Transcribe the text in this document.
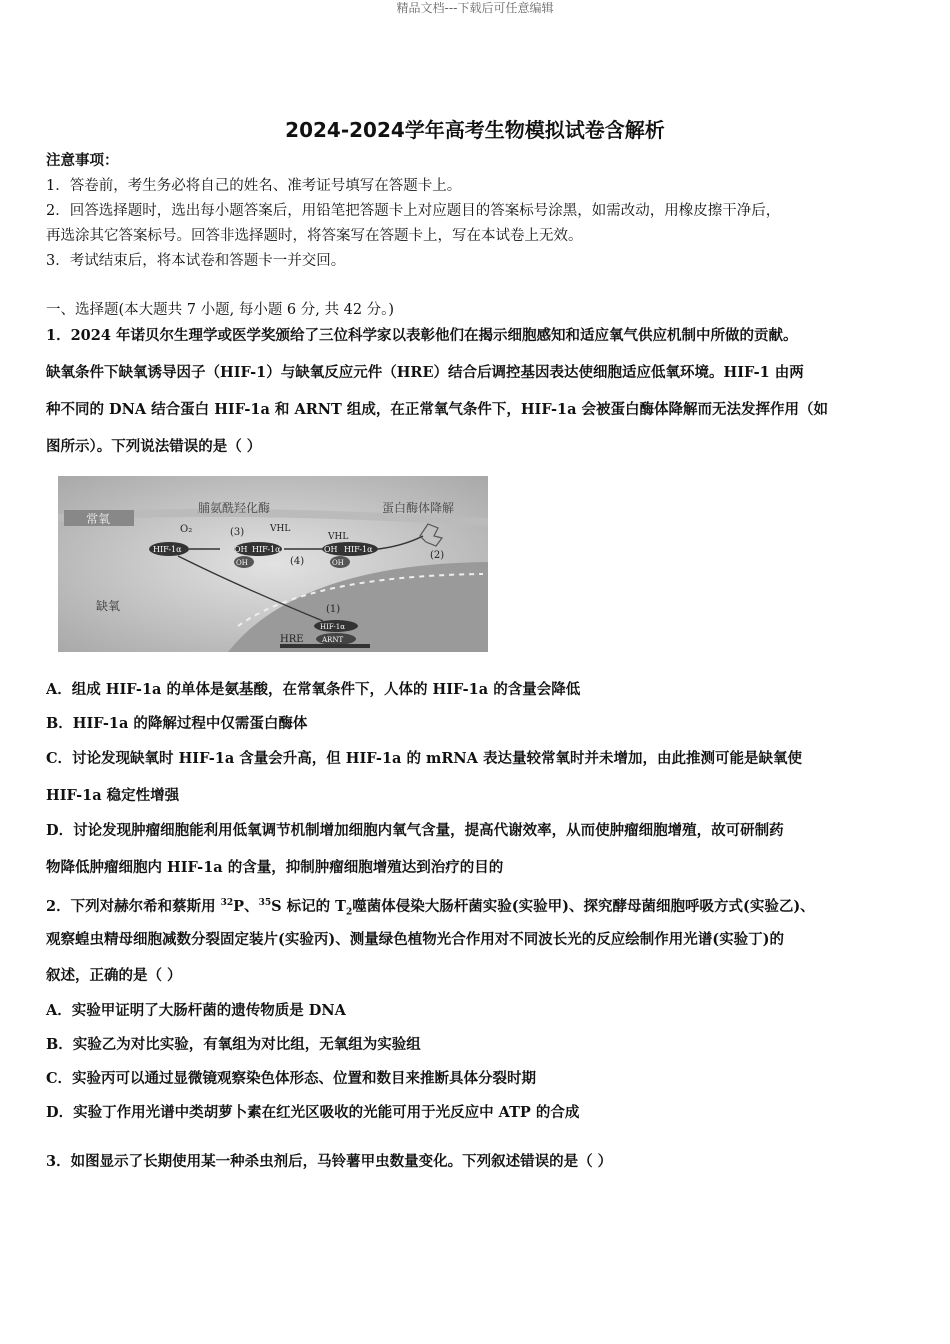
精品文档---下载后可任意编辑
2024-2024学年高考生物模拟试卷含解析
注意事项：
1．答卷前，考生务必将自己的姓名、准考证号填写在答题卡上。
2．回答选择题时，选出每小题答案后，用铅笔把答题卡上对应题目的答案标号涂黑，如需改动，用橡皮擦干净后，
再选涂其它答案标号。回答非选择题时，将答案写在答题卡上，写在本试卷上无效。
3．考试结束后，将本试卷和答题卡一并交回。
一、选择题(本大题共 7 小题, 每小题 6 分, 共 42 分。)
1．2024 年诺贝尔生理学或医学奖颁给了三位科学家以表彰他们在揭示细胞感知和适应氧气供应机制中所做的贡献。
缺氧条件下缺氧诱导因子（HIF-1）与缺氧反应元件（HRE）结合后调控基因表达使细胞适应低氧环境。HIF-1 由两
种不同的 DNA 结合蛋白 HIF-1a 和 ARNT 组成，在正常氧气条件下，HIF-1a 会被蛋白酶体降解而无法发挥作用（如
图所示）。下列说法错误的是（ ）
常氧
缺氧
脯氨酰羟化酶	蛋白酶体降解
O₂
HIF-1α
(3)
OH HIF-1α
OH
VHL
(4)
VHL
OH HIF-1α
OH
(2)
(1)
HIF-1α
ARNT
HRE
A．组成 HIF-1a 的单体是氨基酸，在常氧条件下，人体的 HIF-1a 的含量会降低
B．HIF-1a 的降解过程中仅需蛋白酶体
C．讨论发现缺氧时 HIF-1a 含量会升高，但 HIF-1a 的 mRNA 表达量较常氧时并未增加，由此推测可能是缺氧使
HIF-1a 稳定性增强
D．讨论发现肿瘤细胞能利用低氧调节机制增加细胞内氧气含量，提高代谢效率，从而使肿瘤细胞增殖，故可研制药
物降低肿瘤细胞内 HIF-1a 的含量，抑制肿瘤细胞增殖达到治疗的目的
2．下列对赫尔希和蔡斯用 $^{32}$P、$^{35}$S 标记的 $T_2$噬菌体侵染大肠杆菌实验(实验甲)、探究酵母菌细胞呼吸方式(实验乙)、
观察蝗虫精母细胞减数分裂固定装片(实验丙)、测量绿色植物光合作用对不同波长光的反应绘制作用光谱(实验丁)的
叙述，正确的是（ ）
A．实验甲证明了大肠杆菌的遗传物质是 DNA
B．实验乙为对比实验，有氧组为对比组，无氧组为实验组
C．实验丙可以通过显微镜观察染色体形态、位置和数目来推断具体分裂时期
D．实验丁作用光谱中类胡萝卜素在红光区吸收的光能可用于光反应中 ATP 的合成
3．如图显示了长期使用某一种杀虫剂后，马铃薯甲虫数量变化。下列叙述错误的是（ ）
